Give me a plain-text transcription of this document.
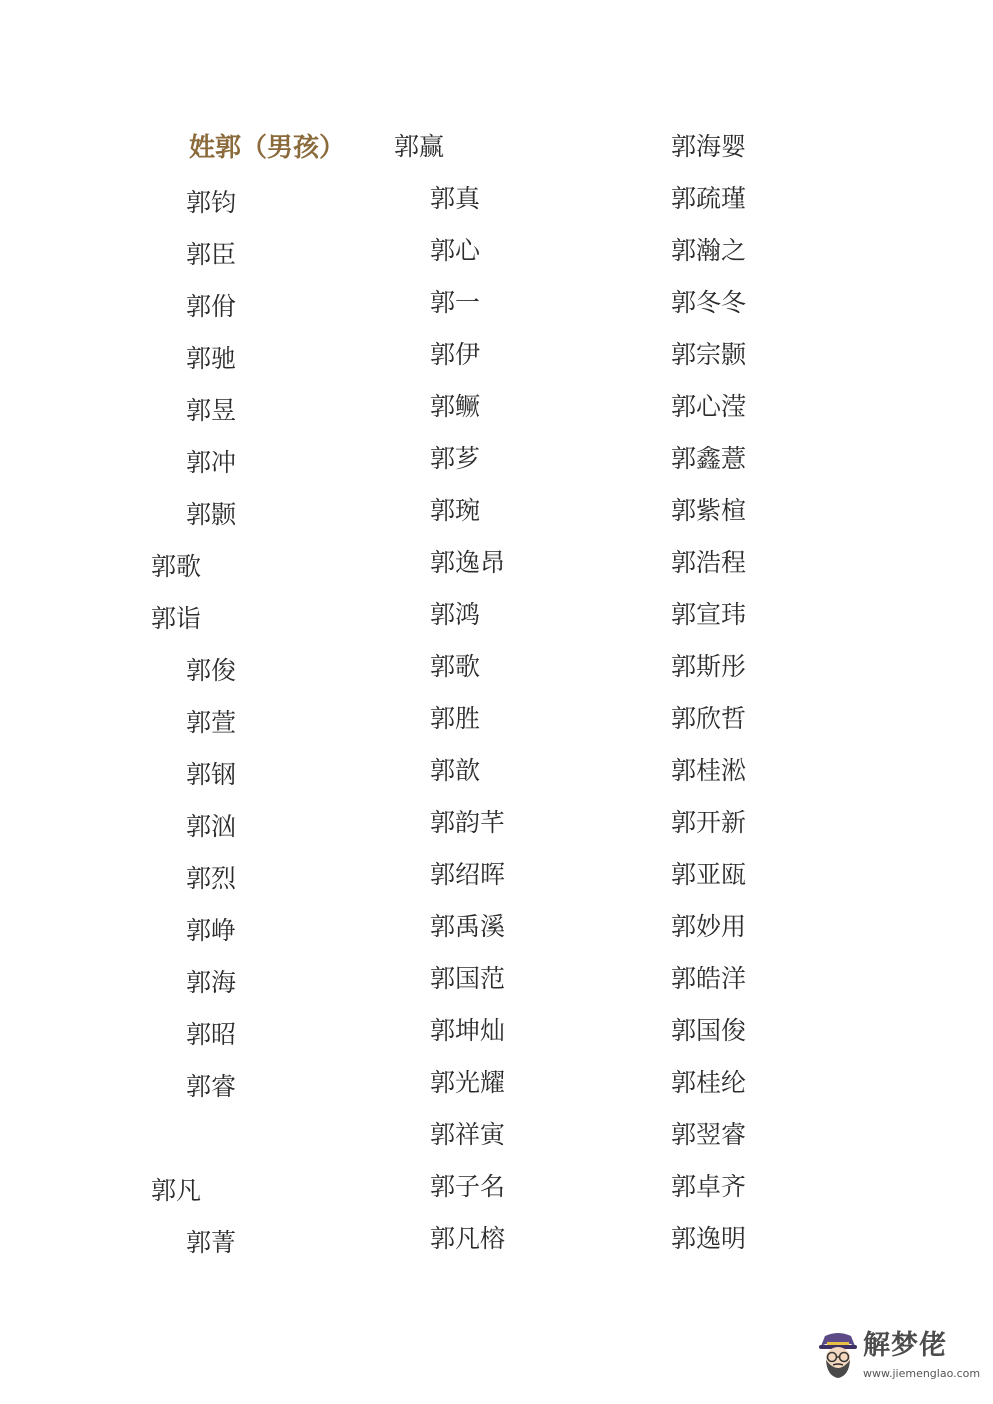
姓郭（男孩）
郭钧
郭臣
郭佾
郭驰
郭昱
郭冲
郭颢
郭歌
郭诣
郭俊
郭萱
郭钢
郭汹
郭烈
郭峥
郭海
郭昭
郭睿
郭凡
郭菁
郭赢
郭真
郭心
郭一
郭伊
郭鳜
郭芗
郭琬
郭逸昂
郭鸿
郭歌
郭胜
郭歆
郭韵芊
郭绍晖
郭禹溪
郭国范
郭坤灿
郭光耀
郭祥寅
郭子名
郭凡榕
郭海婴
郭疏瑾
郭瀚之
郭冬冬
郭宗颢
郭心滢
郭鑫薏
郭紫楦
郭浩程
郭宣玮
郭斯彤
郭欣哲
郭桂淞
郭开新
郭亚瓯
郭妙用
郭皓洋
郭国俊
郭桂纶
郭翌睿
郭卓齐
郭逸明
解梦佬
www.jiemenglao.com
